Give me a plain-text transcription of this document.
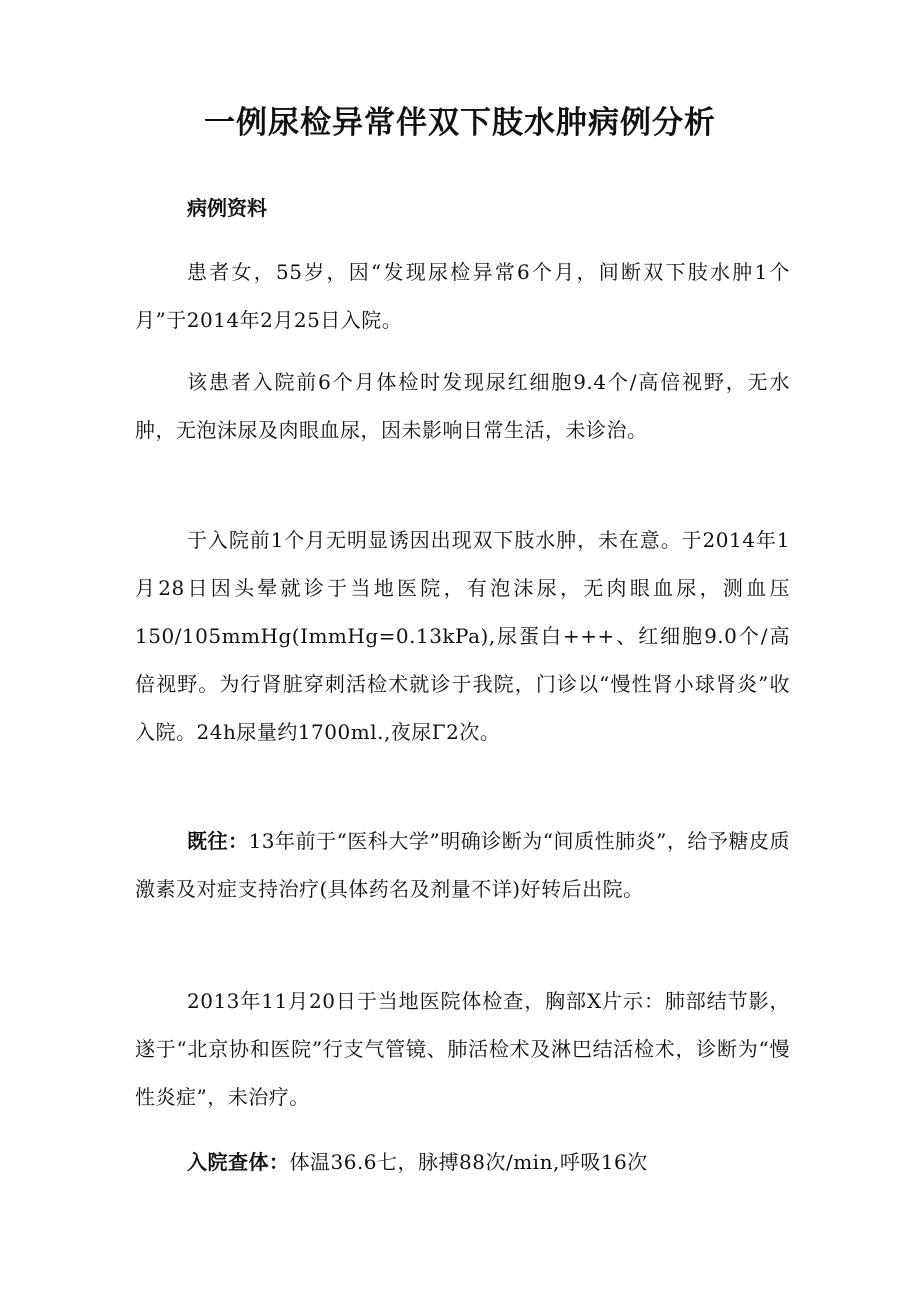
一例尿检异常伴双下肢水肿病例分析
病例资料

患者女，55岁，因“发现尿检异常6个月，间断双下肢水肿1个月”于2014年2月25日入院。

该患者入院前6个月体检时发现尿红细胞9.4个/高倍视野，无水肿，无泡沫尿及肉眼血尿，因未影响日常生活，未诊治。

于入院前1个月无明显诱因出现双下肢水肿，未在意。于2014年1月28日因头晕就诊于当地医院，有泡沫尿，无肉眼血尿，测血压150/105mmHg(ImmHg=0.13kPa),尿蛋白+++、红细胞9.0个/高倍视野。为行肾脏穿刺活检术就诊于我院，门诊以“慢性肾小球肾炎”收入院。24h尿量约1700ml.,夜尿Γ2次。

既往：13年前于“医科大学”明确诊断为“间质性肺炎”，给予糖皮质激素及对症支持治疗(具体药名及剂量不详)好转后出院。

2013年11月20日于当地医院体检查，胸部X片示：肺部结节影，遂于“北京协和医院”行支气管镜、肺活检术及淋巴结活检术，诊断为“慢性炎症”，未治疗。

入院查体：体温36.6七，脉搏88次/min,呼吸16次
